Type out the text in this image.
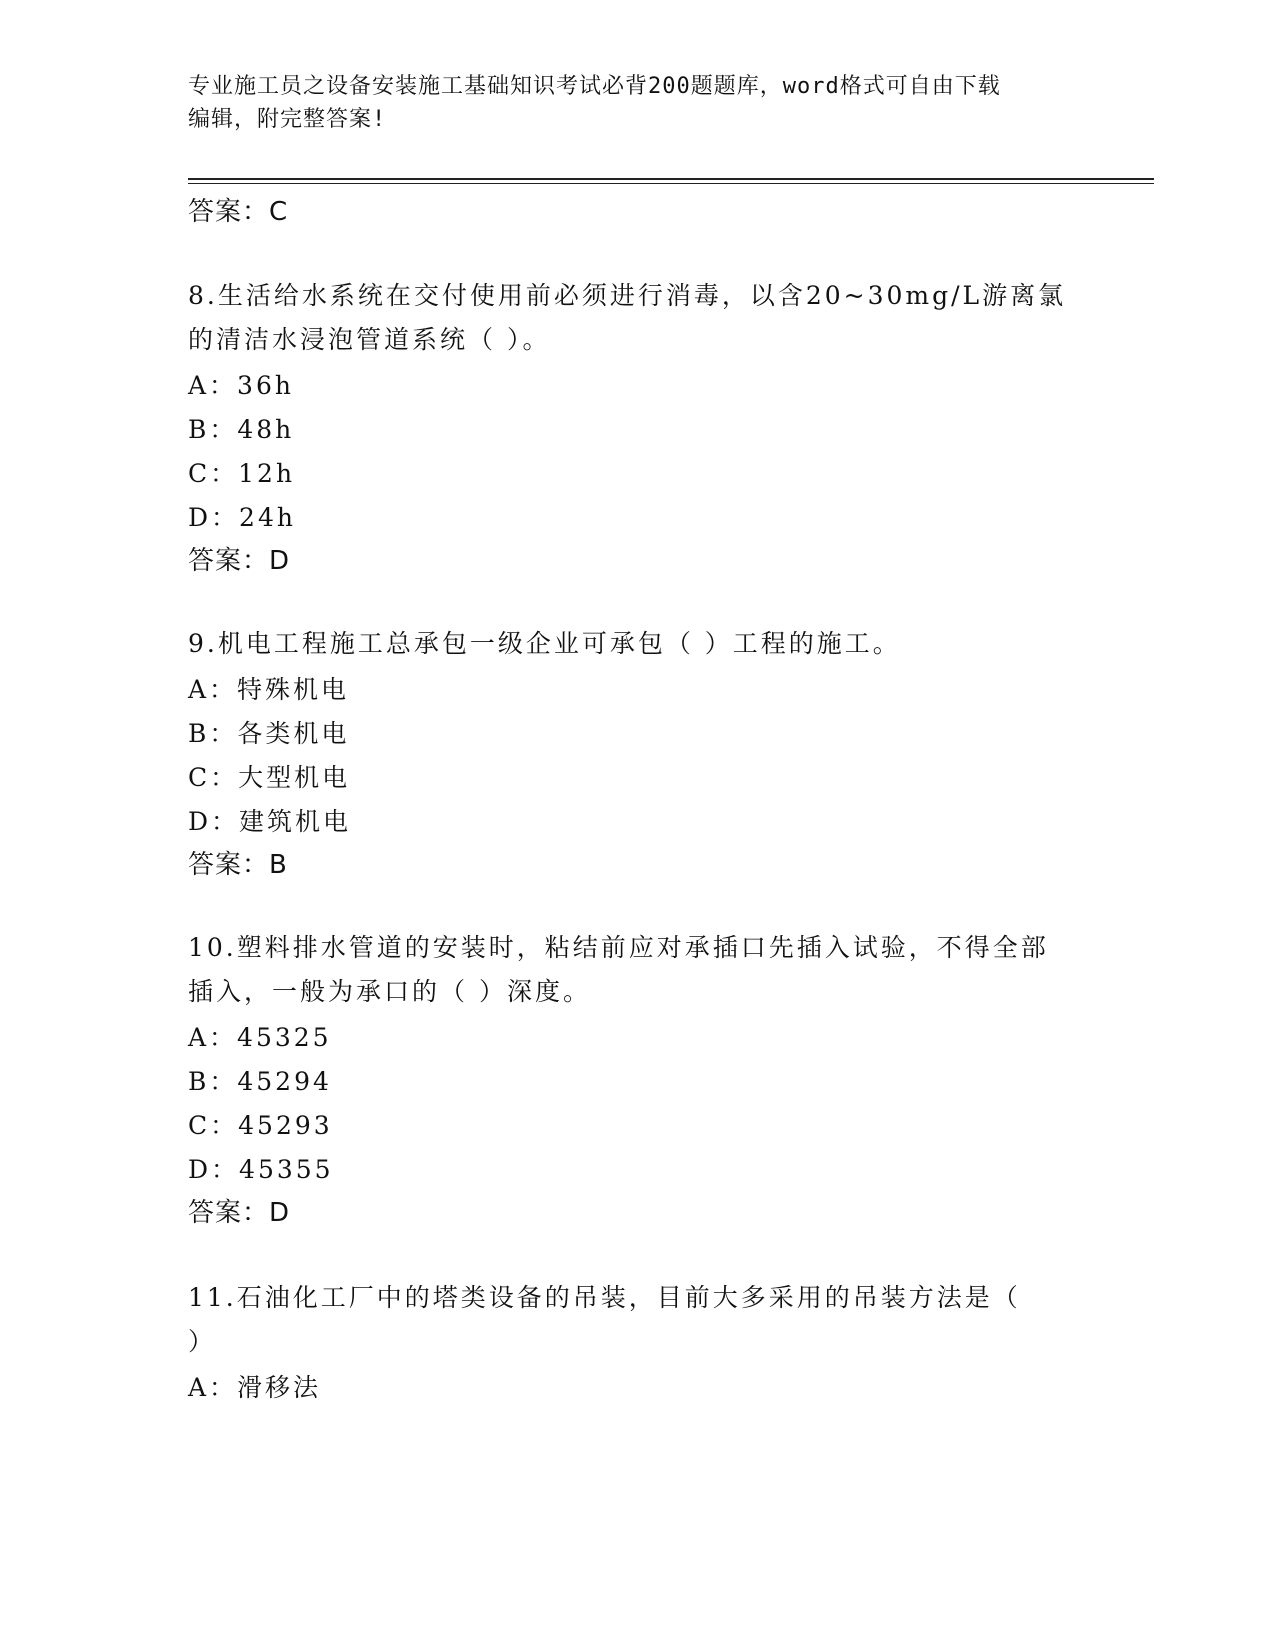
专业施工员之设备安装施工基础知识考试必背200题题库，word格式可自由下载
编辑，附完整答案!
答案：C
8.生活给水系统在交付使用前必须进行消毒，以含20~30mg/L游离氯
的清洁水浸泡管道系统（ ）。
A：36h
B：48h
C：12h
D：24h
答案：D
9.机电工程施工总承包一级企业可承包（ ）工程的施工。
A：特殊机电
B：各类机电
C：大型机电
D：建筑机电
答案：B
10.塑料排水管道的安装时，粘结前应对承插口先插入试验，不得全部
插入，一般为承口的（ ）深度。
A：45325
B：45294
C：45293
D：45355
答案：D
11.石油化工厂中的塔类设备的吊装，目前大多采用的吊装方法是（
）
A：滑移法
